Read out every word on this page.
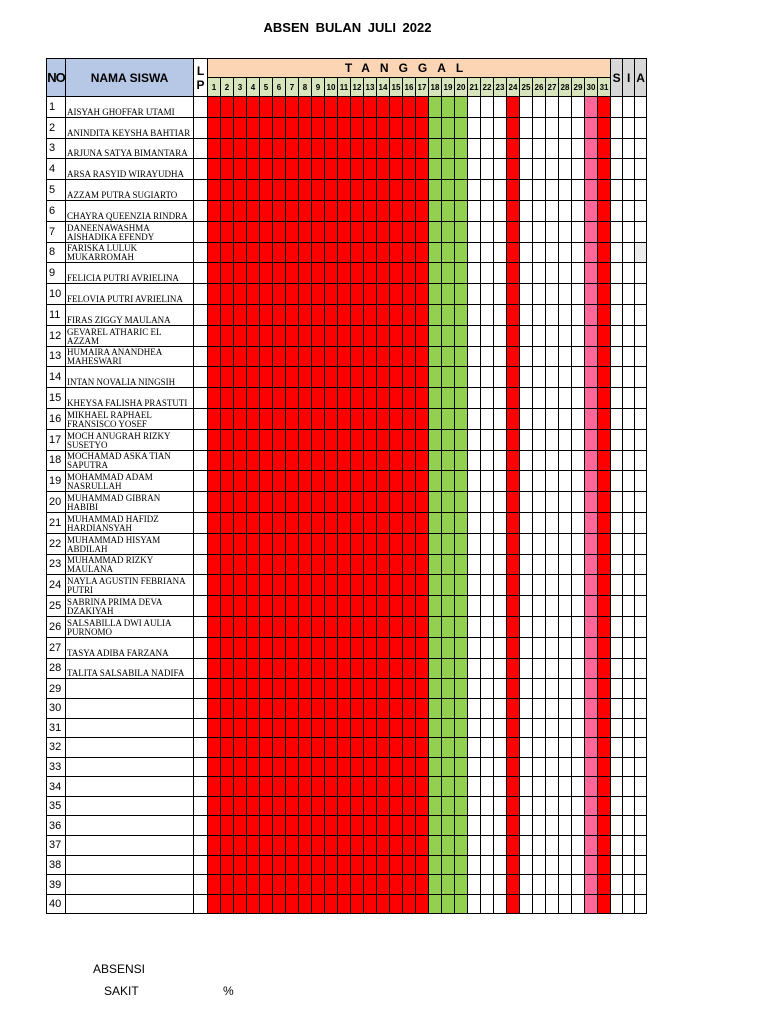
ABSEN BULAN JULI 2022
NO	NAMA SISWA	L
P	TANGGAL																															S	I	A
			1	2	3	4	5	6	7	8	9	10	11	12	13	14	15	16	17	18	19	20	21	22	23	24	25	26	27	28	29	30	31			
1	AISYAH GHOFFAR UTAMI																																			

2	ANINDITA KEYSHA BAHTIAR																																			

3	ARJUNA SATYA BIMANTARA																																			

4	ARSA RASYID WIRAYUDHA																																			

5	AZZAM PUTRA SUGIARTO																																			

6	CHAYRA QUEENZIA RINDRA																																			

7	DANEENAWASHMA AISHADIKA EFENDY																																			

8	FARISKA LULUK MUKARROMAH																																			

9	FELICIA PUTRI AVRIELINA																																			

10	FELOVIA PUTRI AVRIELINA																																			

11	FIRAS ZIGGY MAULANA																																			

12	GEVAREL ATHARIC EL AZZAM																																			

13	HUMAIRA ANANDHEA MAHESWARI																																			

14	INTAN NOVALIA NINGSIH																																			

15	KHEYSA FALISHA PRASTUTI																																			

16	MIKHAEL RAPHAEL FRANSISCO YOSEF																																			

17	MOCH ANUGRAH RIZKY SUSETYO																																			

18	MOCHAMAD ASKA TIAN SAPUTRA																																			

19	MOHAMMAD ADAM NASRULLAH																																			

20	MUHAMMAD GIBRAN HABIBI																																			

21	MUHAMMAD HAFIDZ HARDIANSYAH																																			

22	MUHAMMAD HISYAM ABDILAH																																			

23	MUHAMMAD RIZKY MAULANA																																			

24	NAYLA AGUSTIN FEBRIANA PUTRI																																			

25	SABRINA PRIMA DEVA DZAKIYAH																																			

26	SALSABILLA DWI AULIA PURNOMO																																			

27	TASYA ADIBA FARZANA																																			

28	TALITA SALSABILA NADIFA																																			

29	

30	

31	

32	

33	

34	

35	

36	

37	

38	

39	

40	

ABSENSI
SAKIT	%
